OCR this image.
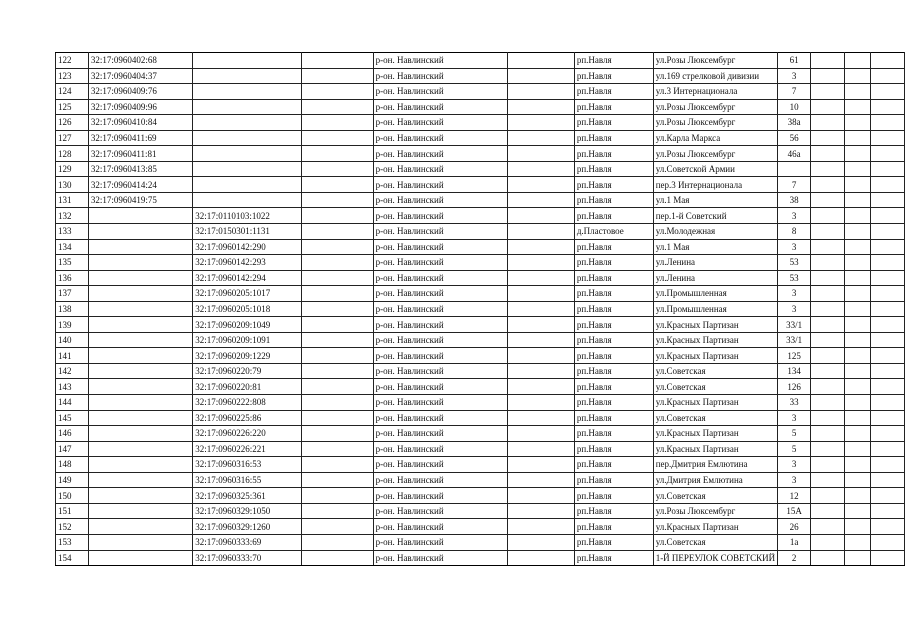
122	32:17:0960402:68			р-он. Навлинский		рп.Навля	ул.Розы Люксембург	61			
123	32:17:0960404:37			р-он. Навлинский		рп.Навля	ул.169 стрелковой дивизии	3			
124	32:17:0960409:76			р-он. Навлинский		рп.Навля	ул.3 Интернационала	7			
125	32:17:0960409:96			р-он. Навлинский		рп.Навля	ул.Розы Люксембург	10			
126	32:17:0960410:84			р-он. Навлинский		рп.Навля	ул.Розы Люксембург	38а			
127	32:17:0960411:69			р-он. Навлинский		рп.Навля	ул.Карла Маркса	56			
128	32:17:0960411:81			р-он. Навлинский		рп.Навля	ул.Розы Люксембург	46а			
129	32:17:0960413:85			р-он. Навлинский		рп.Навля	ул.Советской Армии				
130	32:17:0960414:24			р-он. Навлинский		рп.Навля	пер.3 Интернационала	7			
131	32:17:0960419:75			р-он. Навлинский		рп.Навля	ул.1 Мая	38			
132		32:17:0110103:1022		р-он. Навлинский		рп.Навля	пер.1-й Советский	3			
133		32:17:0150301:1131		р-он. Навлинский		д.Пластовое	ул.Молодежная	8			
134		32:17:0960142:290		р-он. Навлинский		рп.Навля	ул.1 Мая	3			
135		32:17:0960142:293		р-он. Навлинский		рп.Навля	ул.Ленина	53			
136		32:17:0960142:294		р-он. Навлинский		рп.Навля	ул.Ленина	53			
137		32:17:0960205:1017		р-он. Навлинский		рп.Навля	ул.Промышленная	3			
138		32:17:0960205:1018		р-он. Навлинский		рп.Навля	ул.Промышленная	3			
139		32:17:0960209:1049		р-он. Навлинский		рп.Навля	ул.Красных Партизан	33/1			
140		32:17:0960209:1091		р-он. Навлинский		рп.Навля	ул.Красных Партизан	33/1			
141		32:17:0960209:1229		р-он. Навлинский		рп.Навля	ул.Красных Партизан	125			
142		32:17:0960220:79		р-он. Навлинский		рп.Навля	ул.Советская	134			
143		32:17:0960220:81		р-он. Навлинский		рп.Навля	ул.Советская	126			
144		32:17:0960222:808		р-он. Навлинский		рп.Навля	ул.Красных Партизан	33			
145		32:17:0960225:86		р-он. Навлинский		рп.Навля	ул.Советская	3			
146		32:17:0960226:220		р-он. Навлинский		рп.Навля	ул.Красных Партизан	5			
147		32:17:0960226:221		р-он. Навлинский		рп.Навля	ул.Красных Партизан	5			
148		32:17:0960316:53		р-он. Навлинский		рп.Навля	пер.Дмитрия Емлютина	3			
149		32:17:0960316:55		р-он. Навлинский		рп.Навля	ул.Дмитрия Емлютина	3			
150		32:17:0960325:361		р-он. Навлинский		рп.Навля	ул.Советская	12			
151		32:17:0960329:1050		р-он. Навлинский		рп.Навля	ул.Розы Люксембург	15А			
152		32:17:0960329:1260		р-он. Навлинский		рп.Навля	ул.Красных Партизан	26			
153		32:17:0960333:69		р-он. Навлинский		рп.Навля	ул.Советская	1а			
154		32:17:0960333:70		р-он. Навлинский		рп.Навля	1-Й ПЕРЕУЛОК СОВЕТСКИЙ	2			
